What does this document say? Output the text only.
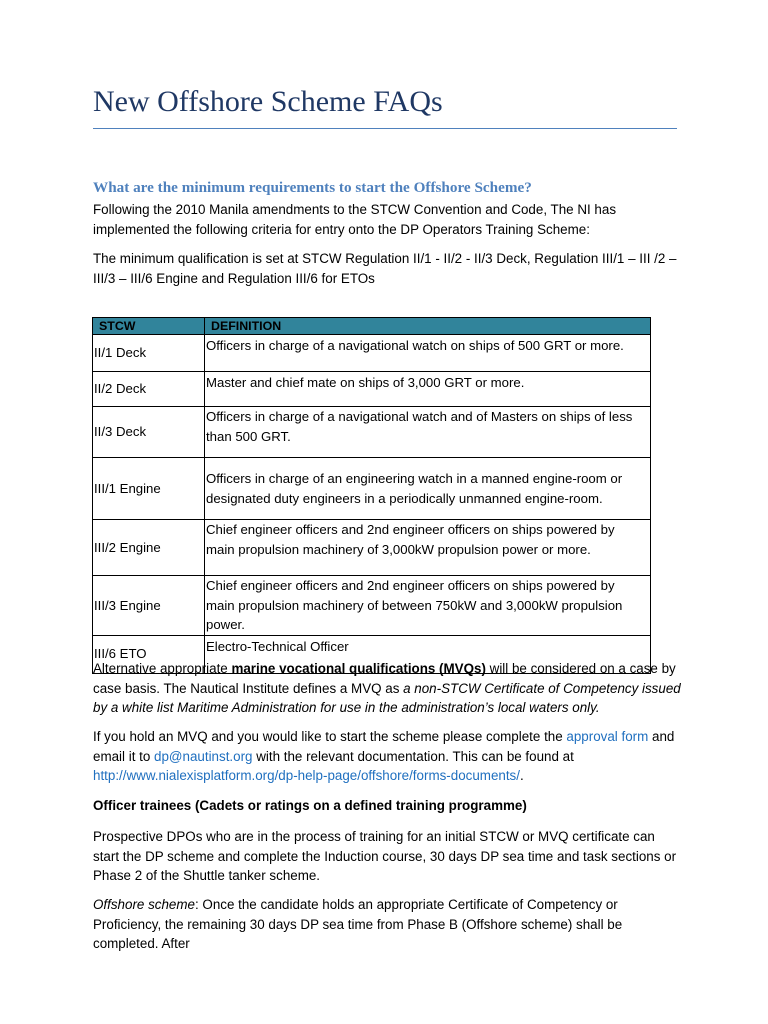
New Offshore Scheme FAQs
What are the minimum requirements to start the Offshore Scheme?

Following the 2010 Manila amendments to the STCW Convention and Code, The NI has implemented the following criteria for entry onto the DP Operators Training Scheme:

The minimum qualification is set at STCW Regulation II/1 - II/2 - II/3 Deck, Regulation III/1 – III /2 – III/3 – III/6 Engine and Regulation III/6 for ETOs

STCW	DEFINITION
II/1 Deck	Officers in charge of a navigational watch on ships of 500 GRT or more.
II/2 Deck	Master and chief mate on ships of 3,000 GRT or more.
II/3 Deck	Officers in charge of a navigational watch and of Masters on ships of less than 500 GRT.
III/1 Engine	Officers in charge of an engineering watch in a manned engine-room or designated duty engineers in a periodically unmanned engine-room.
III/2 Engine	Chief engineer officers and 2nd engineer officers on ships powered by main propulsion machinery of 3,000kW propulsion power or more.
III/3 Engine	Chief engineer officers and 2nd engineer officers on ships powered by main propulsion machinery of between 750kW and 3,000kW propulsion power.
III/6 ETO	Electro-Technical Officer

Alternative appropriate marine vocational qualifications (MVQs) will be considered on a case by case basis. The Nautical Institute defines a MVQ as a non-STCW Certificate of Competency issued by a white list Maritime Administration for use in the administration’s local waters only.

If you hold an MVQ and you would like to start the scheme please complete the approval form and email it to dp@nautinst.org with the relevant documentation. This can be found at http://www.nialexisplatform.org/dp-help-page/offshore/forms-documents/.

Officer trainees (Cadets or ratings on a defined training programme)

Prospective DPOs who are in the process of training for an initial STCW or MVQ certificate can start the DP scheme and complete the Induction course, 30 days DP sea time and task sections or Phase 2 of the Shuttle tanker scheme.

Offshore scheme: Once the candidate holds an appropriate Certificate of Competency or Proficiency, the remaining 30 days DP sea time from Phase B (Offshore scheme) shall be completed. After
